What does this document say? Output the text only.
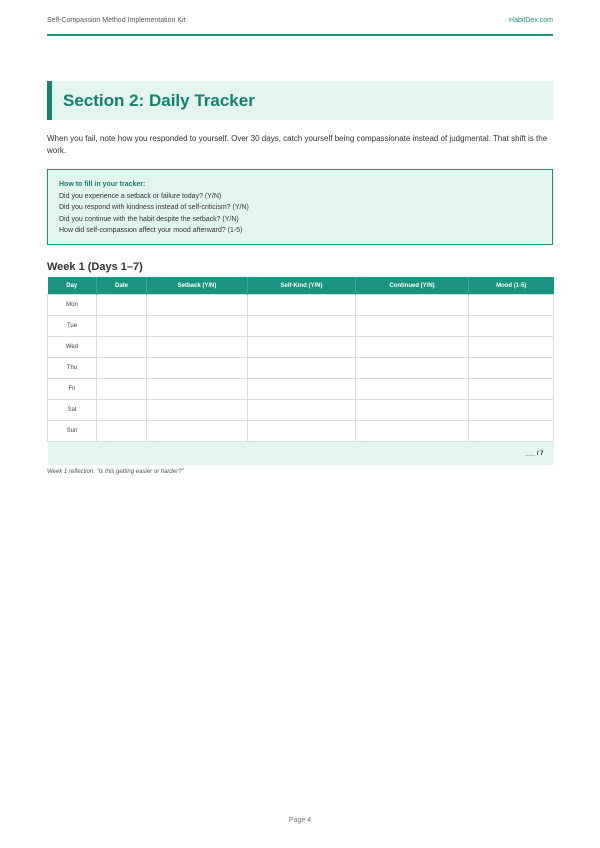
Self-Compassion Method Implementation Kit	HabitDex.com
Section 2: Daily Tracker

When you fail, note how you responded to yourself. Over 30 days, catch yourself being compassionate instead of judgmental. That shift is the work.

How to fill in your tracker:
Did you experience a setback or failure today? (Y/N)
Did you respond with kindness instead of self-criticism? (Y/N)
Did you continue with the habit despite the setback? (Y/N)
How did self-compassion affect your mood afterward? (1-5)
Week 1 (Days 1–7)
Day	Date	Setback (Y/N)	Self-Kind (Y/N)	Continued (Y/N)	Mood (1-5)
Mon					
Tue					
Wed					
Thu					
Fri					
Sat					
Sun					
___ / 7					

Week 1 reflection: "Is this getting easier or harder?"

Page 4
